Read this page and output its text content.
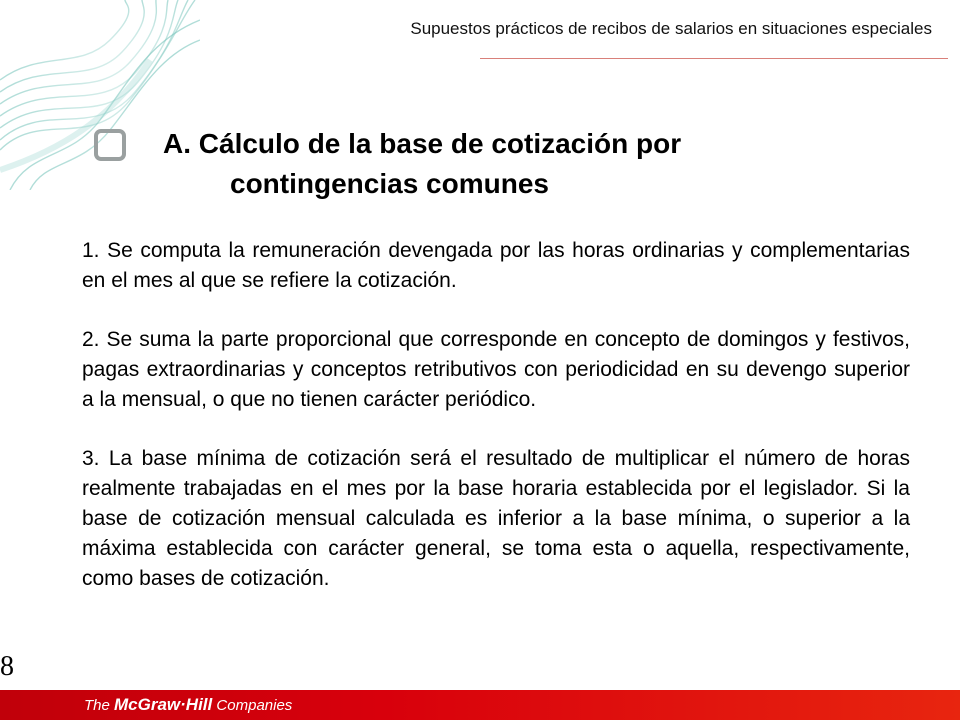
Supuestos prácticos de recibos de salarios en situaciones especiales
A. Cálculo de la base de cotización por
contingencias comunes

1. Se computa la remuneración devengada por las horas ordinarias y complementarias en el mes al que se refiere la cotización.

2. Se suma la parte proporcional que corresponde en concepto de domingos y festivos, pagas extraordinarias y conceptos retributivos con periodicidad en su devengo superior a la mensual, o que no tienen carácter periódico.

3. La base mínima de cotización será el resultado de multiplicar el número de horas realmente trabajadas en el mes por la base horaria establecida por el legislador. Si la base de cotización mensual calculada es inferior a la base mínima, o superior a la máxima establecida con carácter general, se toma esta o aquella, respectivamente, como bases de cotización.

8
The McGraw·Hill Companies
